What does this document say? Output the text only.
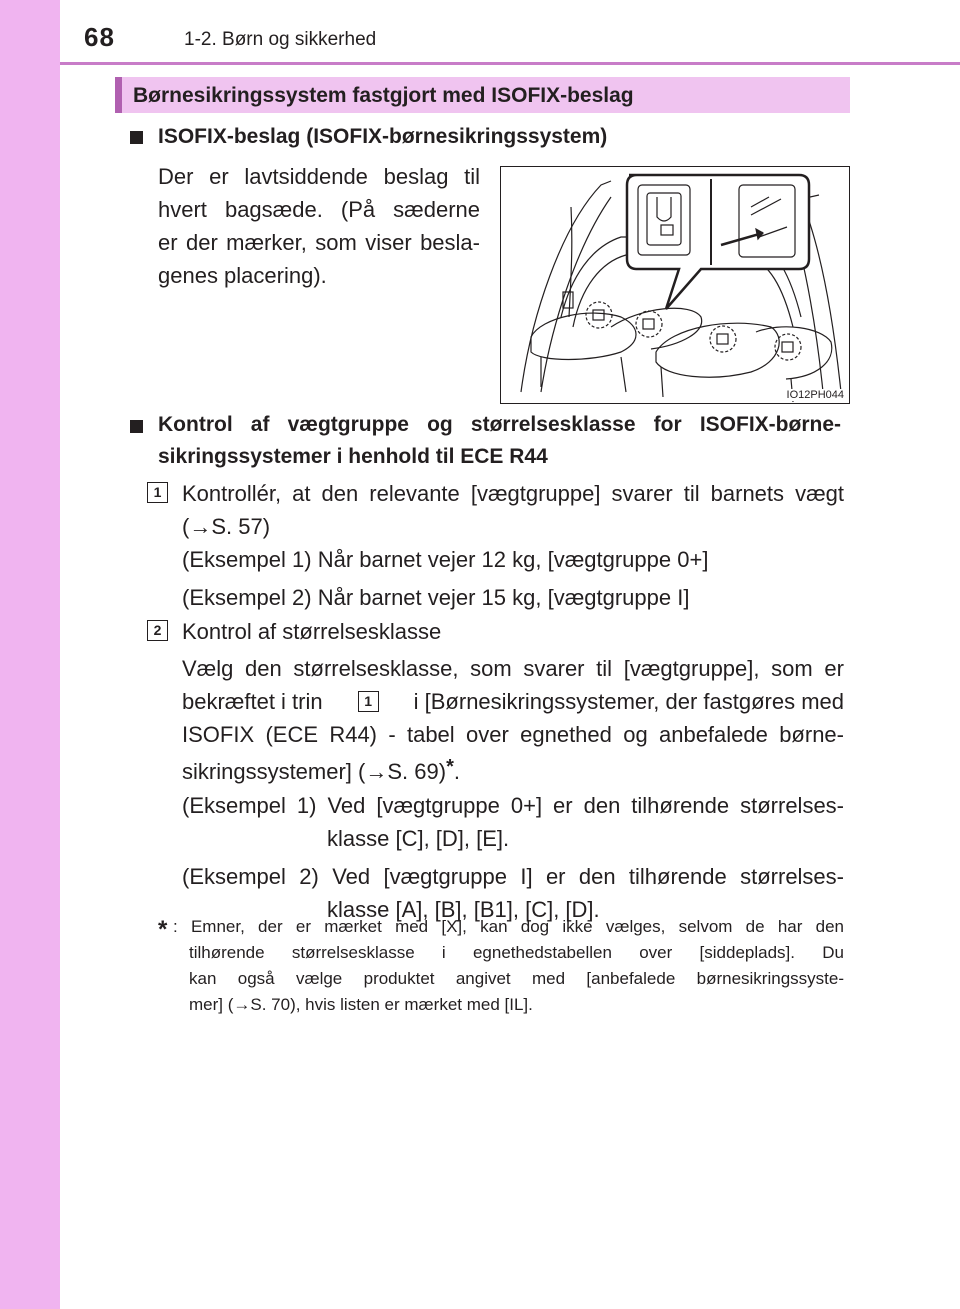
68	1-2. Børn og sikkerhed
Børnesikringssystem fastgjort med ISOFIX-beslag
ISOFIX-beslag (ISOFIX-børnesikringssystem)
Der er lavtsiddende beslag til
hvert bagsæde. (På sæderne
er der mærker, som viser besla-
genes placering).
IO12PH044
Kontrol af vægtgruppe og størrelsesklasse for ISOFIX-børne-
sikringssystemer i henhold til ECE R44
1 Kontrollér, at den relevante [vægtgruppe] svarer til barnets vægt
(→S. 57)
(Eksempel 1) Når barnet vejer 12 kg, [vægtgruppe 0+]
(Eksempel 2) Når barnet vejer 15 kg, [vægtgruppe I]
2 Kontrol af størrelsesklasse
Vælg den størrelsesklasse, som svarer til [vægtgruppe], som er
bekræftet i trin	1	i [Børnesikringssystemer, der fastgøres med
ISOFIX (ECE R44) - tabel over egnethed og anbefalede børne-
sikringssystemer] (→S. 69)*.
(Eksempel 1) Ved [vægtgruppe 0+] er den tilhørende størrelses-
klasse [C], [D], [E].
(Eksempel 2) Ved [vægtgruppe I] er den tilhørende størrelses-
klasse [A], [B], [B1], [C], [D].
* : Emner, der er mærket med [X], kan dog ikke vælges, selvom de har den
tilhørende størrelsesklasse i egnethedstabellen over [siddeplads]. Du
kan også vælge produktet angivet med [anbefalede børnesikringssyste-
mer] (→S. 70), hvis listen er mærket med [IL].
